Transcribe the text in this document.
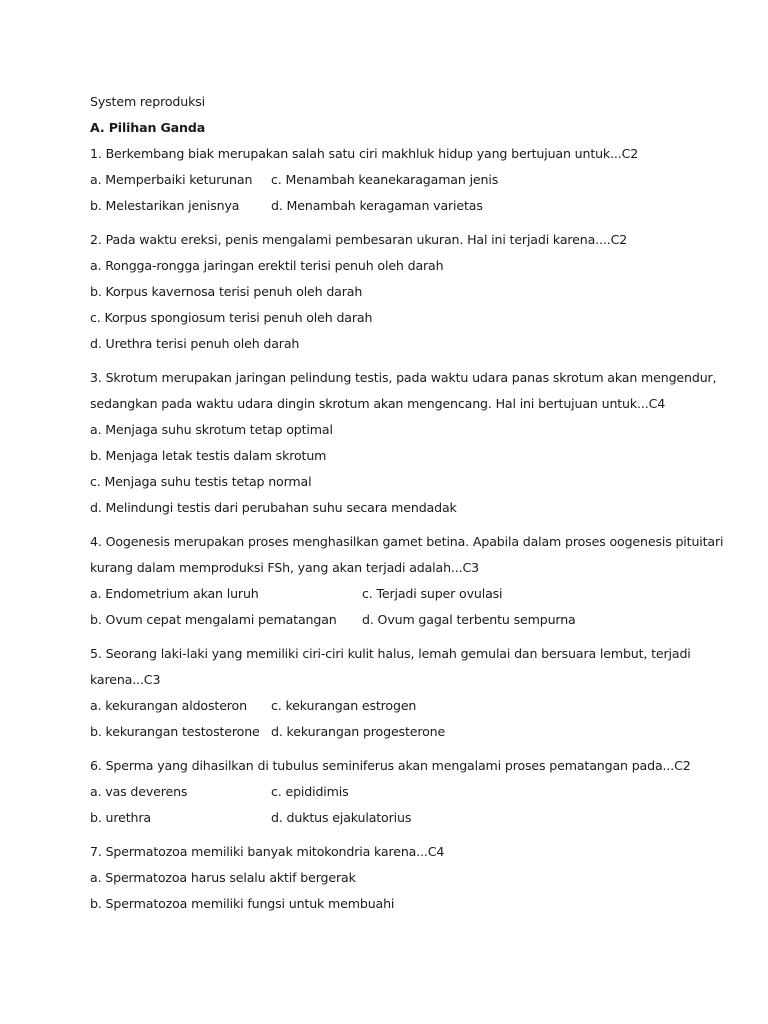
System reproduksi
A. Pilihan Ganda
1. Berkembang biak merupakan salah satu ciri makhluk hidup yang bertujuan untuk...C2
a. Memperbaiki keturunan c. Menambah keanekaragaman jenis
b. Melestarikan jenisnya	d. Menambah keragaman varietas
2. Pada waktu ereksi, penis mengalami pembesaran ukuran. Hal ini terjadi karena....C2
a. Rongga-rongga jaringan erektil terisi penuh oleh darah
b. Korpus kavernosa terisi penuh oleh darah
c. Korpus spongiosum terisi penuh oleh darah
d. Urethra terisi penuh oleh darah
3. Skrotum merupakan jaringan pelindung testis, pada waktu udara panas skrotum akan mengendur,
sedangkan pada waktu udara dingin skrotum akan mengencang. Hal ini bertujuan untuk...C4
a. Menjaga suhu skrotum tetap optimal
b. Menjaga letak testis dalam skrotum
c. Menjaga suhu testis tetap normal
d. Melindungi testis dari perubahan suhu secara mendadak
4. Oogenesis merupakan proses menghasilkan gamet betina. Apabila dalam proses oogenesis pituitari
kurang dalam memproduksi FSh, yang akan terjadi adalah...C3
a. Endometrium akan luruh	c. Terjadi super ovulasi
b. Ovum cepat mengalami pematangan d. Ovum gagal terbentu sempurna
5. Seorang laki-laki yang memiliki ciri-ciri kulit halus, lemah gemulai dan bersuara lembut, terjadi
karena...C3
a. kekurangan aldosteron c. kekurangan estrogen
b. kekurangan testosterone d. kekurangan progesterone
6. Sperma yang dihasilkan di tubulus seminiferus akan mengalami proses pematangan pada...C2
a. vas deverens	c. epididimis
b. urethra	d. duktus ejakulatorius
7. Spermatozoa memiliki banyak mitokondria karena...C4
a. Spermatozoa harus selalu aktif bergerak
b. Spermatozoa memiliki fungsi untuk membuahi
